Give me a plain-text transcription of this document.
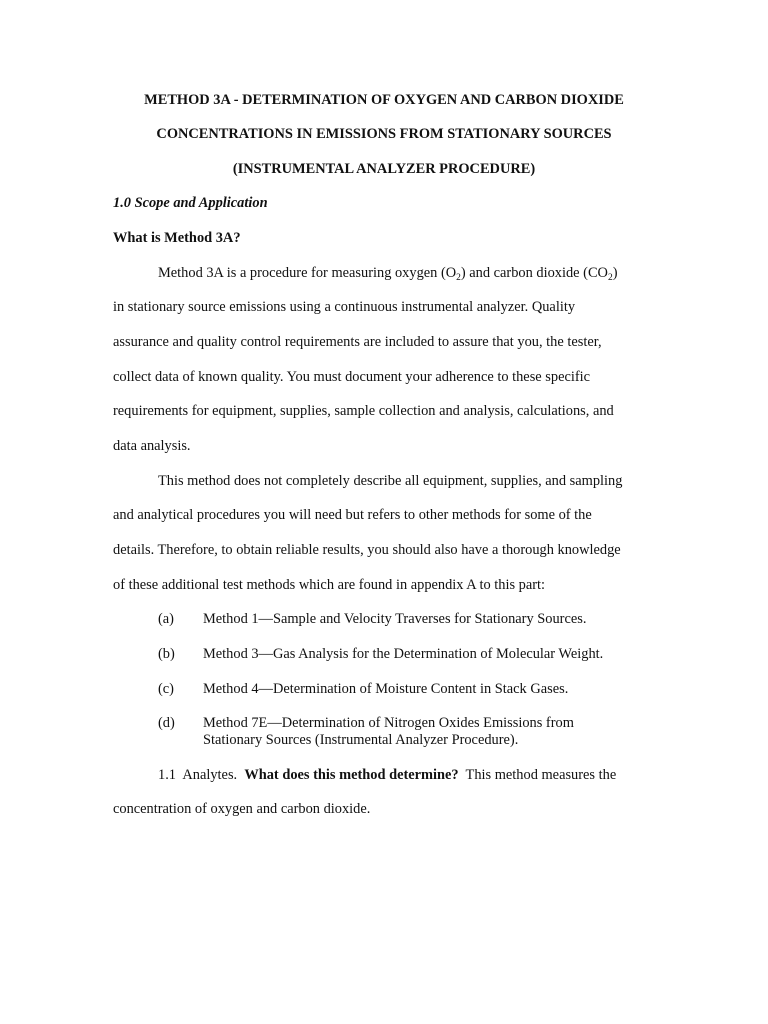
METHOD 3A - DETERMINATION OF OXYGEN AND CARBON DIOXIDE
CONCENTRATIONS IN EMISSIONS FROM STATIONARY SOURCES
(INSTRUMENTAL ANALYZER PROCEDURE)
1.0 Scope and Application
What is Method 3A?
Method 3A is a procedure for measuring oxygen $(O_2)$ and carbon dioxide $(CO_2)$
in stationary source emissions using a continuous instrumental analyzer. Quality
assurance and quality control requirements are included to assure that you, the tester,
collect data of known quality. You must document your adherence to these specific
requirements for equipment, supplies, sample collection and analysis, calculations, and
data analysis.
This method does not completely describe all equipment, supplies, and sampling
and analytical procedures you will need but refers to other methods for some of the
details. Therefore, to obtain reliable results, you should also have a thorough knowledge
of these additional test methods which are found in appendix A to this part:
(a) Method 1—Sample and Velocity Traverses for Stationary Sources.
(b) Method 3—Gas Analysis for the Determination of Molecular Weight.
(c) Method 4—Determination of Moisture Content in Stack Gases.
(d) Method 7E—Determination of Nitrogen Oxides Emissions from
Stationary Sources (Instrumental Analyzer Procedure).
1.1  Analytes.  What does this method determine?  This method measures the
concentration of oxygen and carbon dioxide.
